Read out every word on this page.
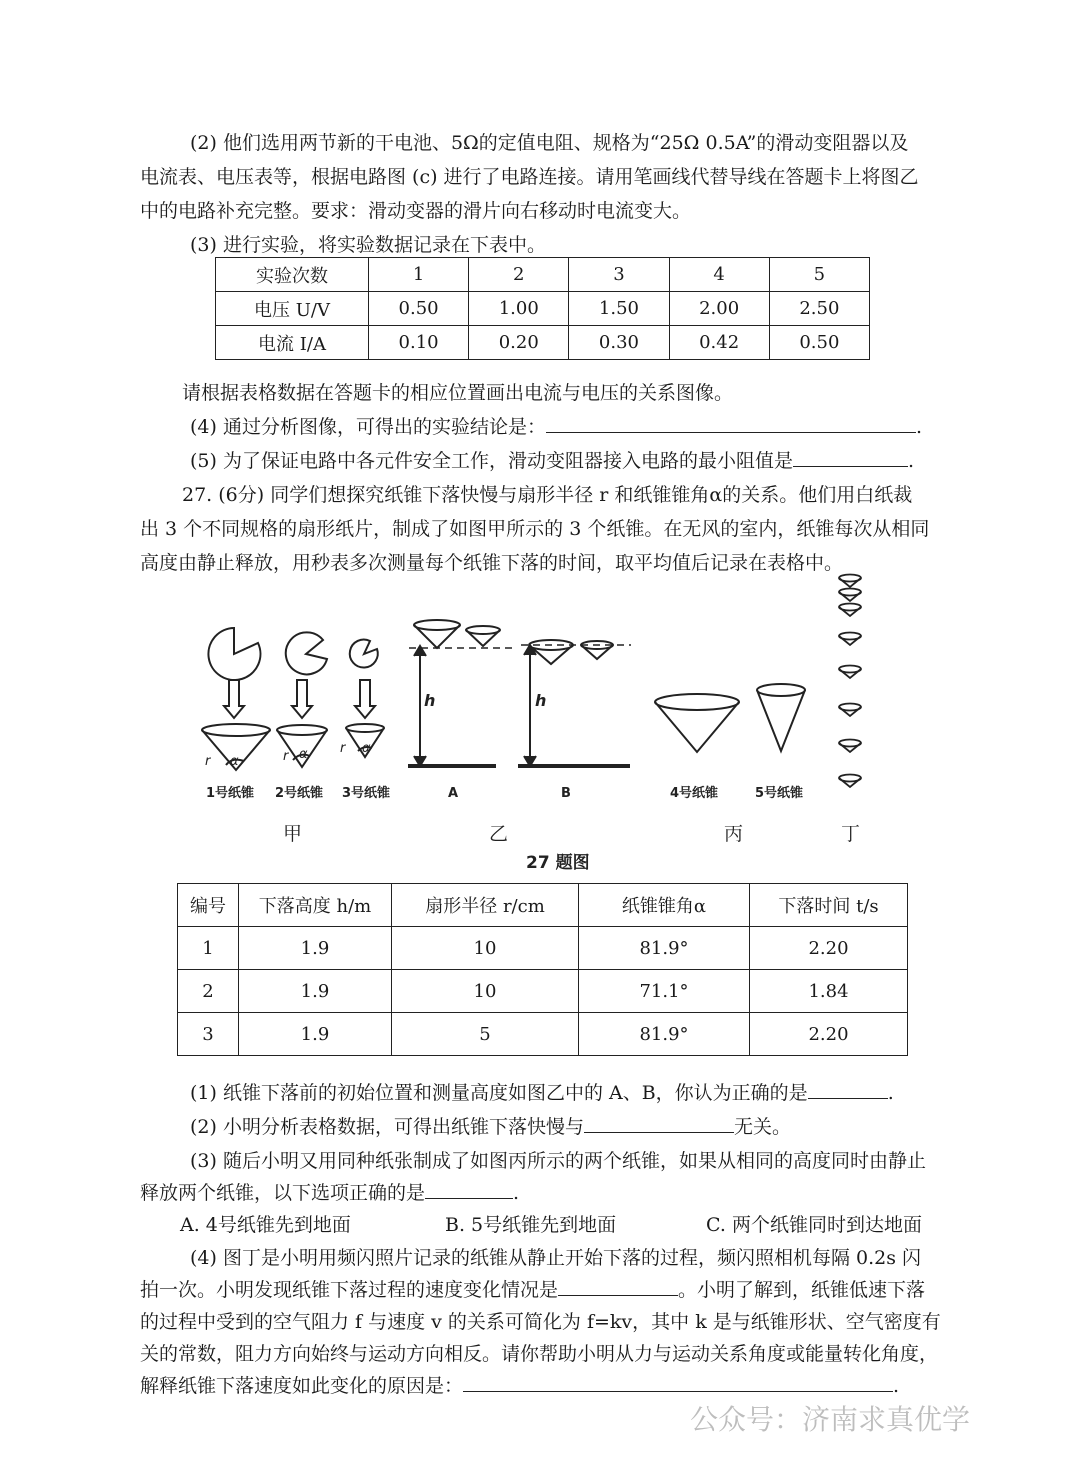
(2) 他们选用两节新的干电池、5Ω的定值电阻、规格为“25Ω 0.5A”的滑动变阻器以及
电流表、电压表等，根据电路图 (c) 进行了电路连接。请用笔画线代替导线在答题卡上将图乙
中的电路补充完整。要求：滑动变器的滑片向右移动时电流变大。
(3) 进行实验，将实验数据记录在下表中。
实验次数	1	2	3	4	5
电压 U/V	0.50	1.00	1.50	2.00	2.50
电流 I/A	0.10	0.20	0.30	0.42	0.50
请根据表格数据在答题卡的相应位置画出电流与电压的关系图像。
(4) 通过分析图像，可得出的实验结论是：	.
(5) 为了保证电路中各元件安全工作，滑动变阻器接入电路的最小阻值是	.
27. (6分) 同学们想探究纸锥下落快慢与扇形半径 r 和纸锥锥角α的关系。他们用白纸裁
出 3 个不同规格的扇形纸片，制成了如图甲所示的 3 个纸锥。在无风的室内，纸锥每次从相同
高度由静止释放，用秒表多次测量每个纸锥下落的时间，取平均值后记录在表格中。
r α	r α r α
1号纸锥 2号纸锥 3号纸锥	A	B
h	h
4号纸锥	5号纸锥
甲	乙	丙	丁
27 题图
编号	下落高度 h/m	扇形半径 r/cm	纸锥锥角α	下落时间 t/s
1	1.9	10	81.9°	2.20
2	1.9	10	71.1°	1.84
3	1.9	5	81.9°	2.20
(1) 纸锥下落前的初始位置和测量高度如图乙中的 A、B，你认为正确的是	.
(2) 小明分析表格数据，可得出纸锥下落快慢与	无关。
(3) 随后小明又用同种纸张制成了如图丙所示的两个纸锥，如果从相同的高度同时由静止
释放两个纸锥，以下选项正确的是	.
A. 4号纸锥先到地面	B. 5号纸锥先到地面	C. 两个纸锥同时到达地面
(4) 图丁是小明用频闪照片记录的纸锥从静止开始下落的过程，频闪照相机每隔 0.2s 闪
拍一次。小明发现纸锥下落过程的速度变化情况是	。小明了解到，纸锥低速下落
的过程中受到的空气阻力 f 与速度 v 的关系可简化为 f=kv，其中 k 是与纸锥形状、空气密度有
关的常数，阻力方向始终与运动方向相反。请你帮助小明从力与运动关系角度或能量转化角度，
解释纸锥下落速度如此变化的原因是：	.
公众号：济南求真优学
